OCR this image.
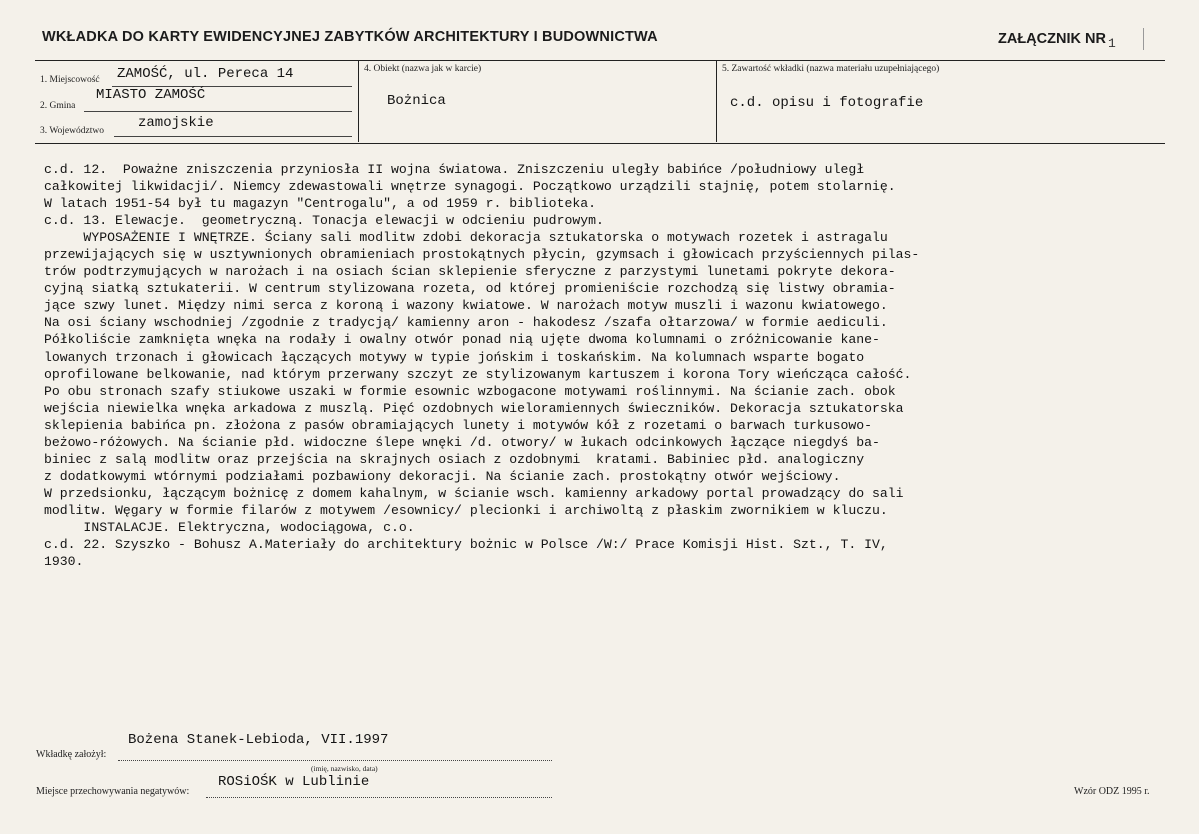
WKŁADKA DO KARTY EWIDENCYJNEJ ZABYTKÓW ARCHITEKTURY I BUDOWNICTWA	ZAŁĄCZNIK NR 1
1. Miejscowość ZAMOŚĆ, ul. Pereca 14
2. Gmina
MIASTO ZAMOŚĆ
3. Województwo zamojskie
4. Obiekt (nazwa jak w karcie)
Bożnica
5. Zawartość wkładki (nazwa materiału uzupełniającego)
c.d. opisu i fotografie
c.d. 12.  Poważne zniszczenia przyniosła II wojna światowa. Zniszczeniu uległy babińce /południowy uległ
całkowitej likwidacji/. Niemcy zdewastowali wnętrze synagogi. Początkowo urządzili stajnię, potem stolarnię.
W latach 1951-54 był tu magazyn "Centrogalu", a od 1959 r. biblioteka.
c.d. 13. Elewacje.  geometryczną. Tonacja elewacji w odcieniu pudrowym.
WYPOSAŻENIE I WNĘTRZE. Ściany sali modlitw zdobi dekoracja sztukatorska o motywach rozetek i astragalu
przewijających się w usztywnionych obramieniach prostokątnych płycin, gzymsach i głowicach przyściennych pilas-
trów podtrzymujących w narożach i na osiach ścian sklepienie sferyczne z parzystymi lunetami pokryte dekora-
cyjną siatką sztukaterii. W centrum stylizowana rozeta, od której promieniście rozchodzą się listwy obramia-
jące szwy lunet. Między nimi serca z koroną i wazony kwiatowe. W narożach motyw muszli i wazonu kwiatowego.
Na osi ściany wschodniej /zgodnie z tradycją/ kamienny aron - hakodesz /szafa ołtarzowa/ w formie aediculi.
Półkoliście zamknięta wnęka na rodały i owalny otwór ponad nią ujęte dwoma kolumnami o zróżnicowanie kane-
lowanych trzonach i głowicach łączących motywy w typie jońskim i toskańskim. Na kolumnach wsparte bogato
oprofilowane belkowanie, nad którym przerwany szczyt ze stylizowanym kartuszem i korona Tory wieńcząca całość.
Po obu stronach szafy stiukowe uszaki w formie esownic wzbogacone motywami roślinnymi. Na ścianie zach. obok
wejścia niewielka wnęka arkadowa z muszlą. Pięć ozdobnych wieloramiennych świeczników. Dekoracja sztukatorska
sklepienia babińca pn. złożona z pasów obramiających lunety i motywów kół z rozetami o barwach turkusowo-
beżowo-różowych. Na ścianie płd. widoczne ślepe wnęki /d. otwory/ w łukach odcinkowych łączące niegdyś ba-
biniec z salą modlitw oraz przejścia na skrajnych osiach z ozdobnymi  kratami. Babiniec płd. analogiczny
z dodatkowymi wtórnymi podziałami pozbawiony dekoracji. Na ścianie zach. prostokątny otwór wejściowy.
W przedsionku, łączącym bożnicę z domem kahalnym, w ścianie wsch. kamienny arkadowy portal prowadzący do sali
modlitw. Węgary w formie filarów z motywem /esownicy/ plecionki i archiwoltą z płaskim zwornikiem w kluczu.
INSTALACJE. Elektryczna, wodociągowa, c.o.
c.d. 22. Szyszko - Bohusz A.Materiały do architektury bożnic w Polsce /W:/ Prace Komisji Hist. Szt., T. IV,
1930.
Wkładkę założył:
Bożena Stanek-Lebioda, VII.1997
(imię, nazwisko, data)
Miejsce przechowywania negatywów:
ROSiOŚK w Lublinie
Wzór ODZ 1995 r.
